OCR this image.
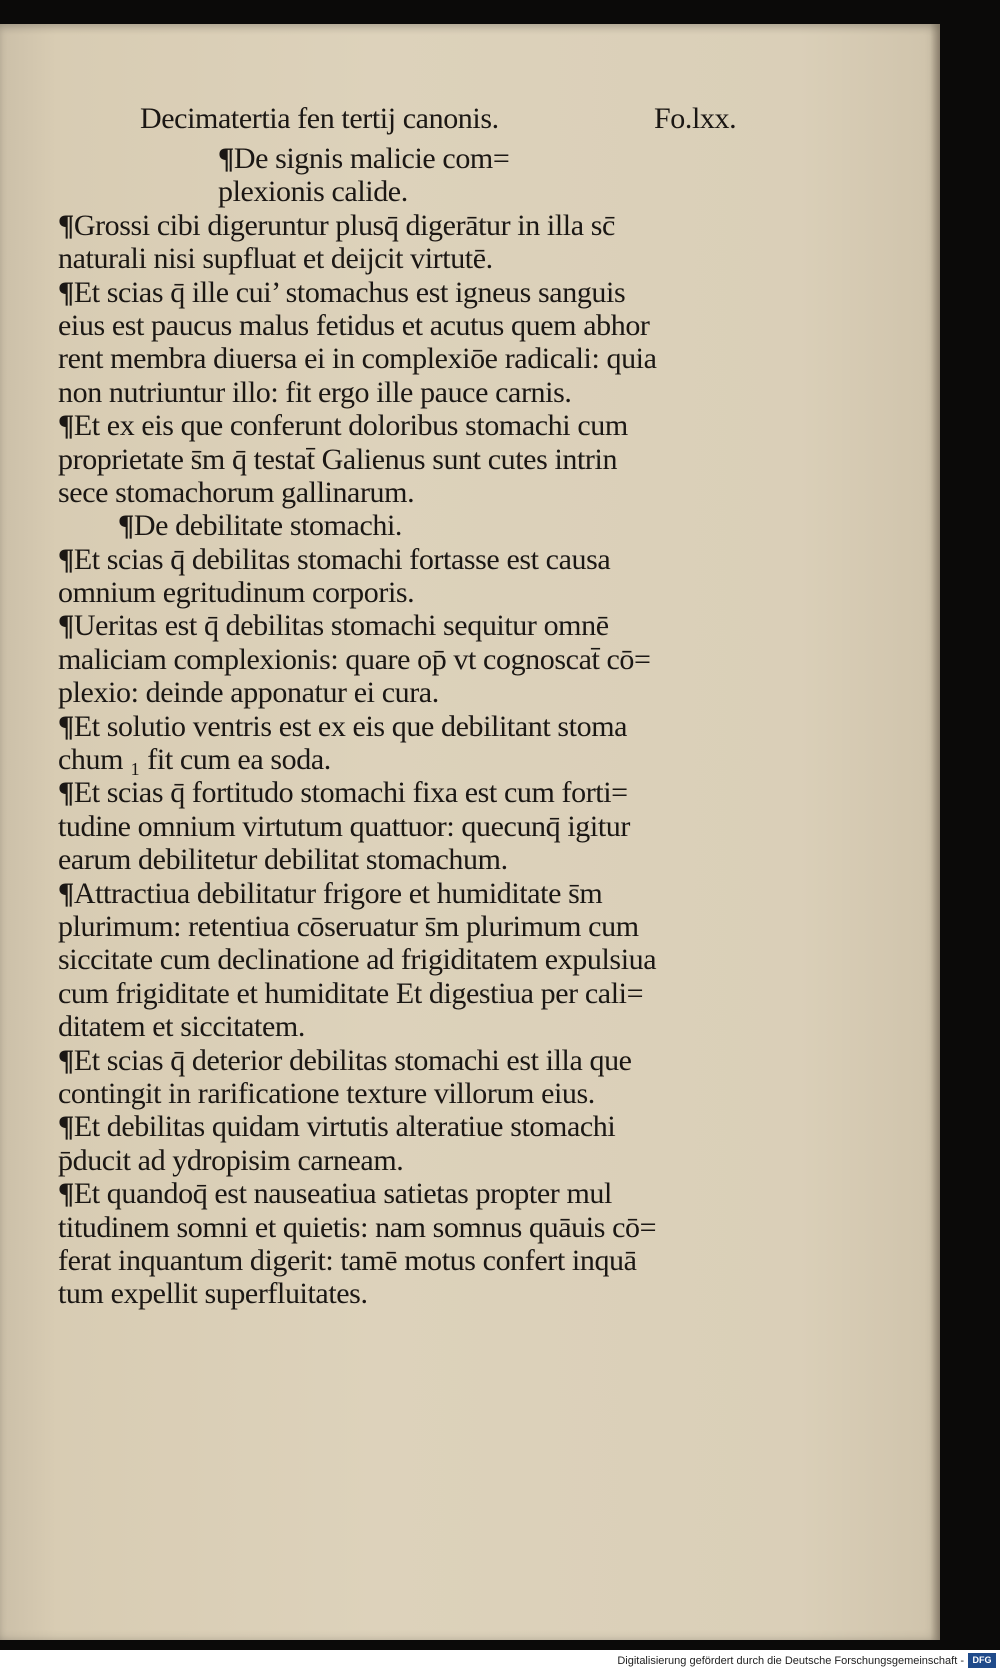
Decimatertia fen tertij canonis.	Fo.lxx.
¶De signis malicie com=
plexionis calide.
¶Grossi cibi digeruntur plusq̄ digerātur in illa sc̄
naturali nisi supfluat et deijcit virtutē.
¶Et scias q̄ ille cui’ stomachus est igneus sanguis
eius est paucus malus fetidus et acutus quem abhor
rent membra diuersa ei in complexiōe radicali: quia
non nutriuntur illo: fit ergo ille pauce carnis.
¶Et ex eis que conferunt doloribus stomachi cum
proprietate s̄m q̄ testat̄ Galienus sunt cutes intrin
sece stomachorum gallinarum.
¶De debilitate stomachi.
¶Et scias q̄ debilitas stomachi fortasse est causa
omnium egritudinum corporis.
¶Ueritas est q̄ debilitas stomachi sequitur omnē
maliciam complexionis: quare op̄ vt cognoscat̄ cō=
plexio: deinde apponatur ei cura.
¶Et solutio ventris est ex eis que debilitant stoma
chum ₁ fit cum ea soda.
¶Et scias q̄ fortitudo stomachi fixa est cum forti=
tudine omnium virtutum quattuor: quecunq̄ igitur
earum debilitetur debilitat stomachum.
¶Attractiua debilitatur frigore et humiditate s̄m
plurimum: retentiua cōseruatur s̄m plurimum cum
siccitate cum declinatione ad frigiditatem expulsiua
cum frigiditate et humiditate Et digestiua per cali=
ditatem et siccitatem.
¶Et scias q̄ deterior debilitas stomachi est illa que
contingit in rarificatione texture villorum eius.
¶Et debilitas quidam virtutis alteratiue stomachi
p̄ducit ad ydropisim carneam.
¶Et quandoq̄ est nauseatiua satietas propter mul
titudinem somni et quietis: nam somnus quāuis cō=
ferat inquantum digerit: tamē motus confert inquā
tum expellit superfluitates.
Digitalisierung gefördert durch die Deutsche Forschungsgemeinschaft - DFG
